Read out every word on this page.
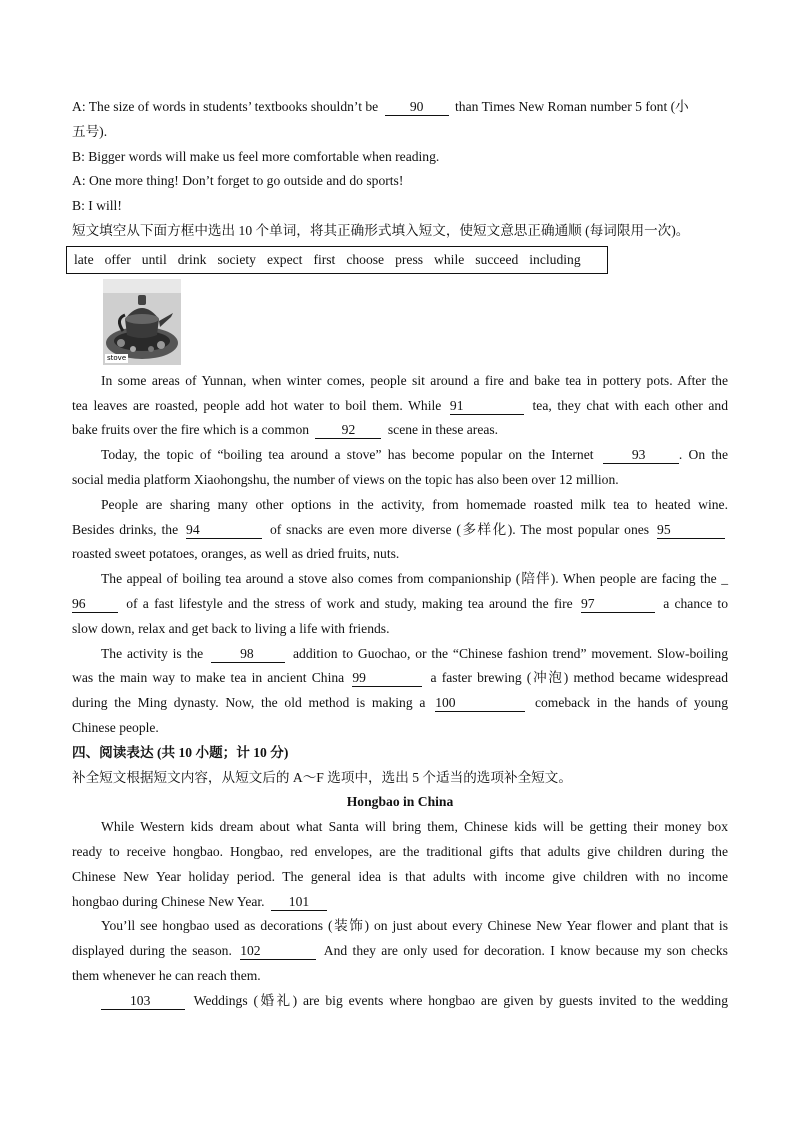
A: The size of words in students’ textbooks shouldn’t be 90 than Times New Roman number 5 font (小
五号).
B: Bigger words will make us feel more comfortable when reading.
A: One more thing! Don’t forget to go outside and do sports!
B: I will!
短文填空从下面方框中选出 10 个单词，将其正确形式填入短文，使短文意思正确通顺 (每词限用一次)。
late offer until drink society expect first choose press while succeed including
stove
In some areas of Yunnan, when winter comes, people sit around a fire and bake tea in pottery pots. After the
tea leaves are roasted, people add hot water to boil them. While 91	tea, they chat with each other and
bake fruits over the fire which is a common 92 scene in these areas.
Today, the topic of “boiling tea around a stove” has become popular on the Internet	93 . On the
social media platform Xiaohongshu, the number of views on the topic has also been over 12 million.
People are sharing many other options in the activity, from homemade roasted milk tea to heated wine.
Besides drinks, the 94	of snacks are even more diverse (多样化). The most popular ones 95
roasted sweet potatoes, oranges, as well as dried fruits, nuts.
The appeal of boiling tea around a stove also comes from companionship (陪伴). When people are facing the _
96	of a fast lifestyle and the stress of work and study, making tea around the fire 97	a chance to
slow down, relax and get back to living a life with friends.
The activity is the	98	addition to Guochao, or the “Chinese fashion trend” movement. Slow-boiling
was the main way to make tea in ancient China 99	a faster brewing (冲泡) method became widespread
during the Ming dynasty. Now, the old method is making a 100	comeback in the hands of young
Chinese people.
四、阅读表达 (共 10 小题；计 10 分)
补全短文根据短文内容，从短文后的 A～F 选项中，选出 5 个适当的选项补全短文。
Hongbao in China
While Western kids dream about what Santa will bring them, Chinese kids will be getting their money box
ready to receive hongbao. Hongbao, red envelopes, are the traditional gifts that adults give children during the
Chinese New Year holiday period. The general idea is that adults with income give children with no income
hongbao during Chinese New Year. 101
You’ll see hongbao used as decorations (装饰) on just about every Chinese New Year flower and plant that is
displayed during the season. 102	And they are only used for decoration. I know because my son checks
them whenever he can reach them.
103	Weddings (婚礼) are big events where hongbao are given by guests invited to the wedding
